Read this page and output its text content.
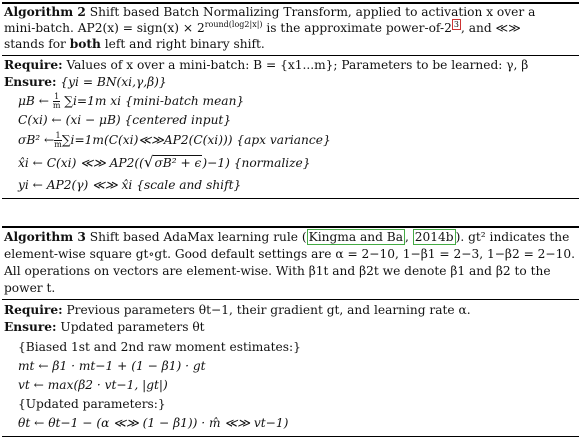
Algorithm 2 Shift based Batch Normalizing Transform, applied to activation x over a
mini-batch. AP2(x) = sign(x) × $2^{round(log2|x|)}$ is the approximate power-of-2 $^3$ , and ≪≫
stands for both left and right binary shift.
Require: Values of x over a mini-batch: B = {x1...m}; Parameters to be learned: γ, β
Ensure: {yi = BN(xi,γ,β)}
μB ← $\frac{1}{m} \sum i=1m$ xi {mini-batch mean}
C(xi) ← (xi − μB) {centered input}
σB² ← $\frac{1}{m}$ ∑i=1m(C(xi)≪≫AP2(C(xi))) {apx variance}
x̂i ← C(xi) ≪≫ AP2((√σB² + ϵ)−1) {normalize}
yi ← AP2(γ) ≪≫ x̂i {scale and shift}
Algorithm 3 Shift based AdaMax learning rule ( Kingma and Ba , 2014b ). gt² indicates the
element-wise square gt∘gt. Good default settings are α = 2−10, 1−β1 = 2−3, 1−β2 = 2−10.
All operations on vectors are element-wise. With β1t and β2t we denote β1 and β2 to the
power t.
Require: Previous parameters θt−1, their gradient gt, and learning rate α.
Ensure: Updated parameters θt
{Biased 1st and 2nd raw moment estimates:}
mt ← β1 · mt−1 + (1 − β1) · gt
vt ← max(β2 · vt−1, |gt|)
{Updated parameters:}
θt ← θt−1 − (α ≪≫ (1 − β1)) · m̂ ≪≫ vt−1)
